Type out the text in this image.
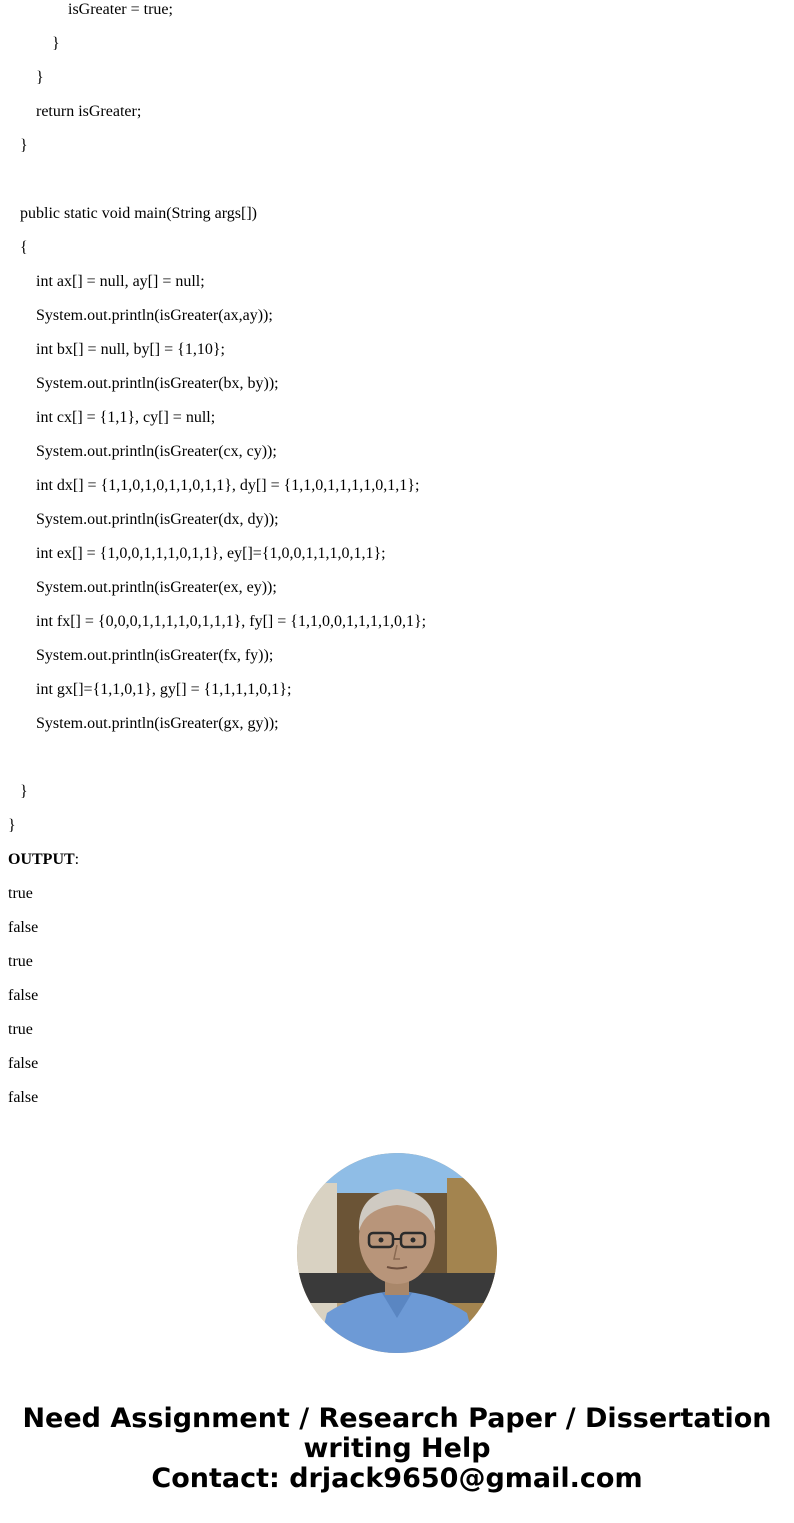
isGreater = true;
}
}
return isGreater;
}
public static void main(String args[])
{
int ax[] = null, ay[] = null;
System.out.println(isGreater(ax,ay));
int bx[] = null, by[] = {1,10};
System.out.println(isGreater(bx, by));
int cx[] = {1,1}, cy[] = null;
System.out.println(isGreater(cx, cy));
int dx[] = {1,1,0,1,0,1,1,0,1,1}, dy[] = {1,1,0,1,1,1,1,0,1,1};
System.out.println(isGreater(dx, dy));
int ex[] = {1,0,0,1,1,1,0,1,1}, ey[]={1,0,0,1,1,1,0,1,1};
System.out.println(isGreater(ex, ey));
int fx[] = {0,0,0,1,1,1,1,0,1,1,1}, fy[] = {1,1,0,0,1,1,1,1,0,1};
System.out.println(isGreater(fx, fy));
int gx[]={1,1,0,1}, gy[] = {1,1,1,1,0,1};
System.out.println(isGreater(gx, gy));
}
}
OUTPUT:
true
false
true
false
true
false
false
Need Assignment / Research Paper / Dissertation
writing Help
Contact: drjack9650@gmail.com
